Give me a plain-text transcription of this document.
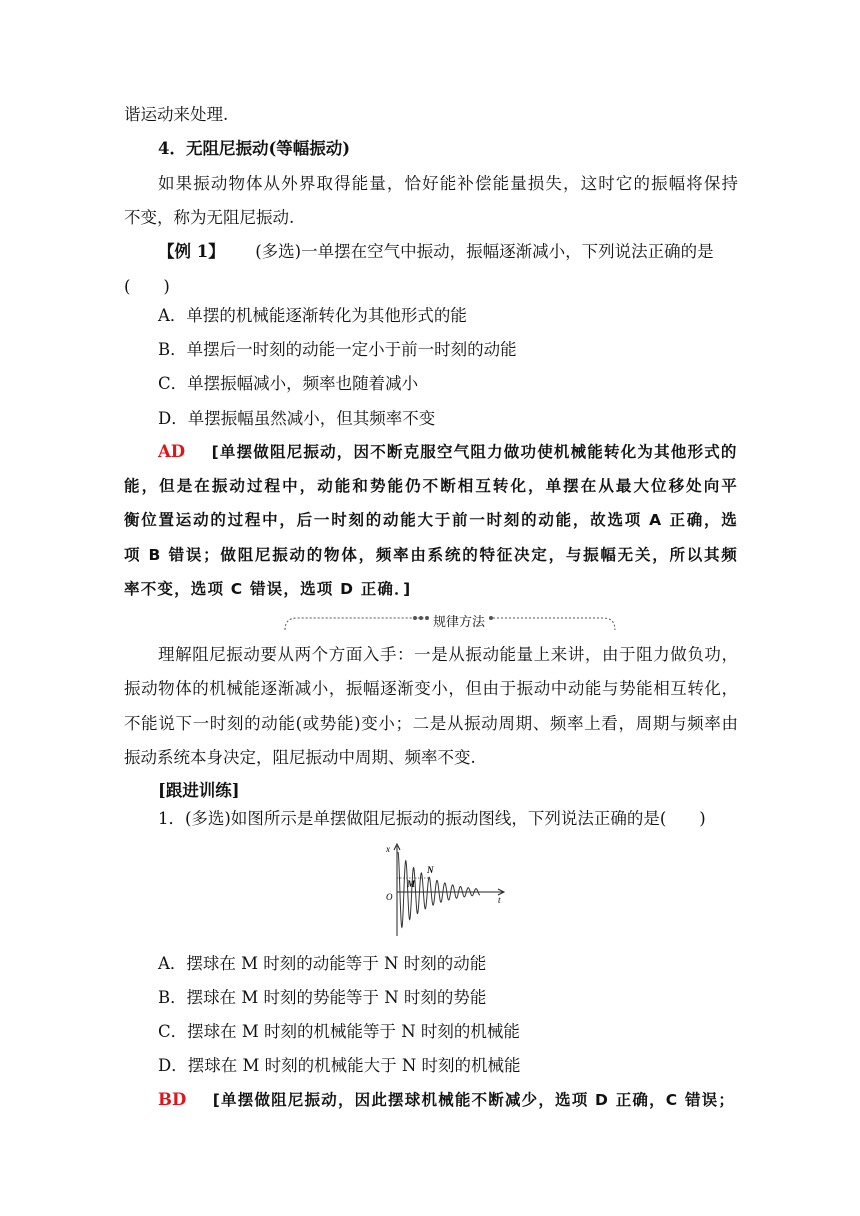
谐运动来处理.
4．无阻尼振动(等幅振动)
如果振动物体从外界取得能量，恰好能补偿能量损失，这时它的振幅将保持
不变，称为无阻尼振动.
【例 1】 (多选)一单摆在空气中振动，振幅逐渐减小，下列说法正确的是
(　　)
A．单摆的机械能逐渐转化为其他形式的能
B．单摆后一时刻的动能一定小于前一时刻的动能
C．单摆振幅减小，频率也随着减小
D．单摆振幅虽然减小，但其频率不变
AD [单摆做阻尼振动，因不断克服空气阻力做功使机械能转化为其他形式的
能，但是在振动过程中，动能和势能仍不断相互转化，单摆在从最大位移处向平
衡位置运动的过程中，后一时刻的动能大于前一时刻的动能，故选项 A 正确，选
项 B 错误；做阻尼振动的物体，频率由系统的特征决定，与振幅无关，所以其频
率不变，选项 C 错误，选项 D 正确．]
规律方法
理解阻尼振动要从两个方面入手：一是从振动能量上来讲，由于阻力做负功，
振动物体的机械能逐渐减小，振幅逐渐变小，但由于振动中动能与势能相互转化，
不能说下一时刻的动能(或势能)变小；二是从振动周期、频率上看，周期与频率由
振动系统本身决定，阻尼振动中周期、频率不变.
[跟进训练]
1．(多选)如图所示是单摆做阻尼振动的振动图线，下列说法正确的是(　　)
x
O	t
M
N
A．摆球在 M 时刻的动能等于 N 时刻的动能
B．摆球在 M 时刻的势能等于 N 时刻的势能
C．摆球在 M 时刻的机械能等于 N 时刻的机械能
D．摆球在 M 时刻的机械能大于 N 时刻的机械能
BD [单摆做阻尼振动，因此摆球机械能不断减少，选项 D 正确，C 错误；
